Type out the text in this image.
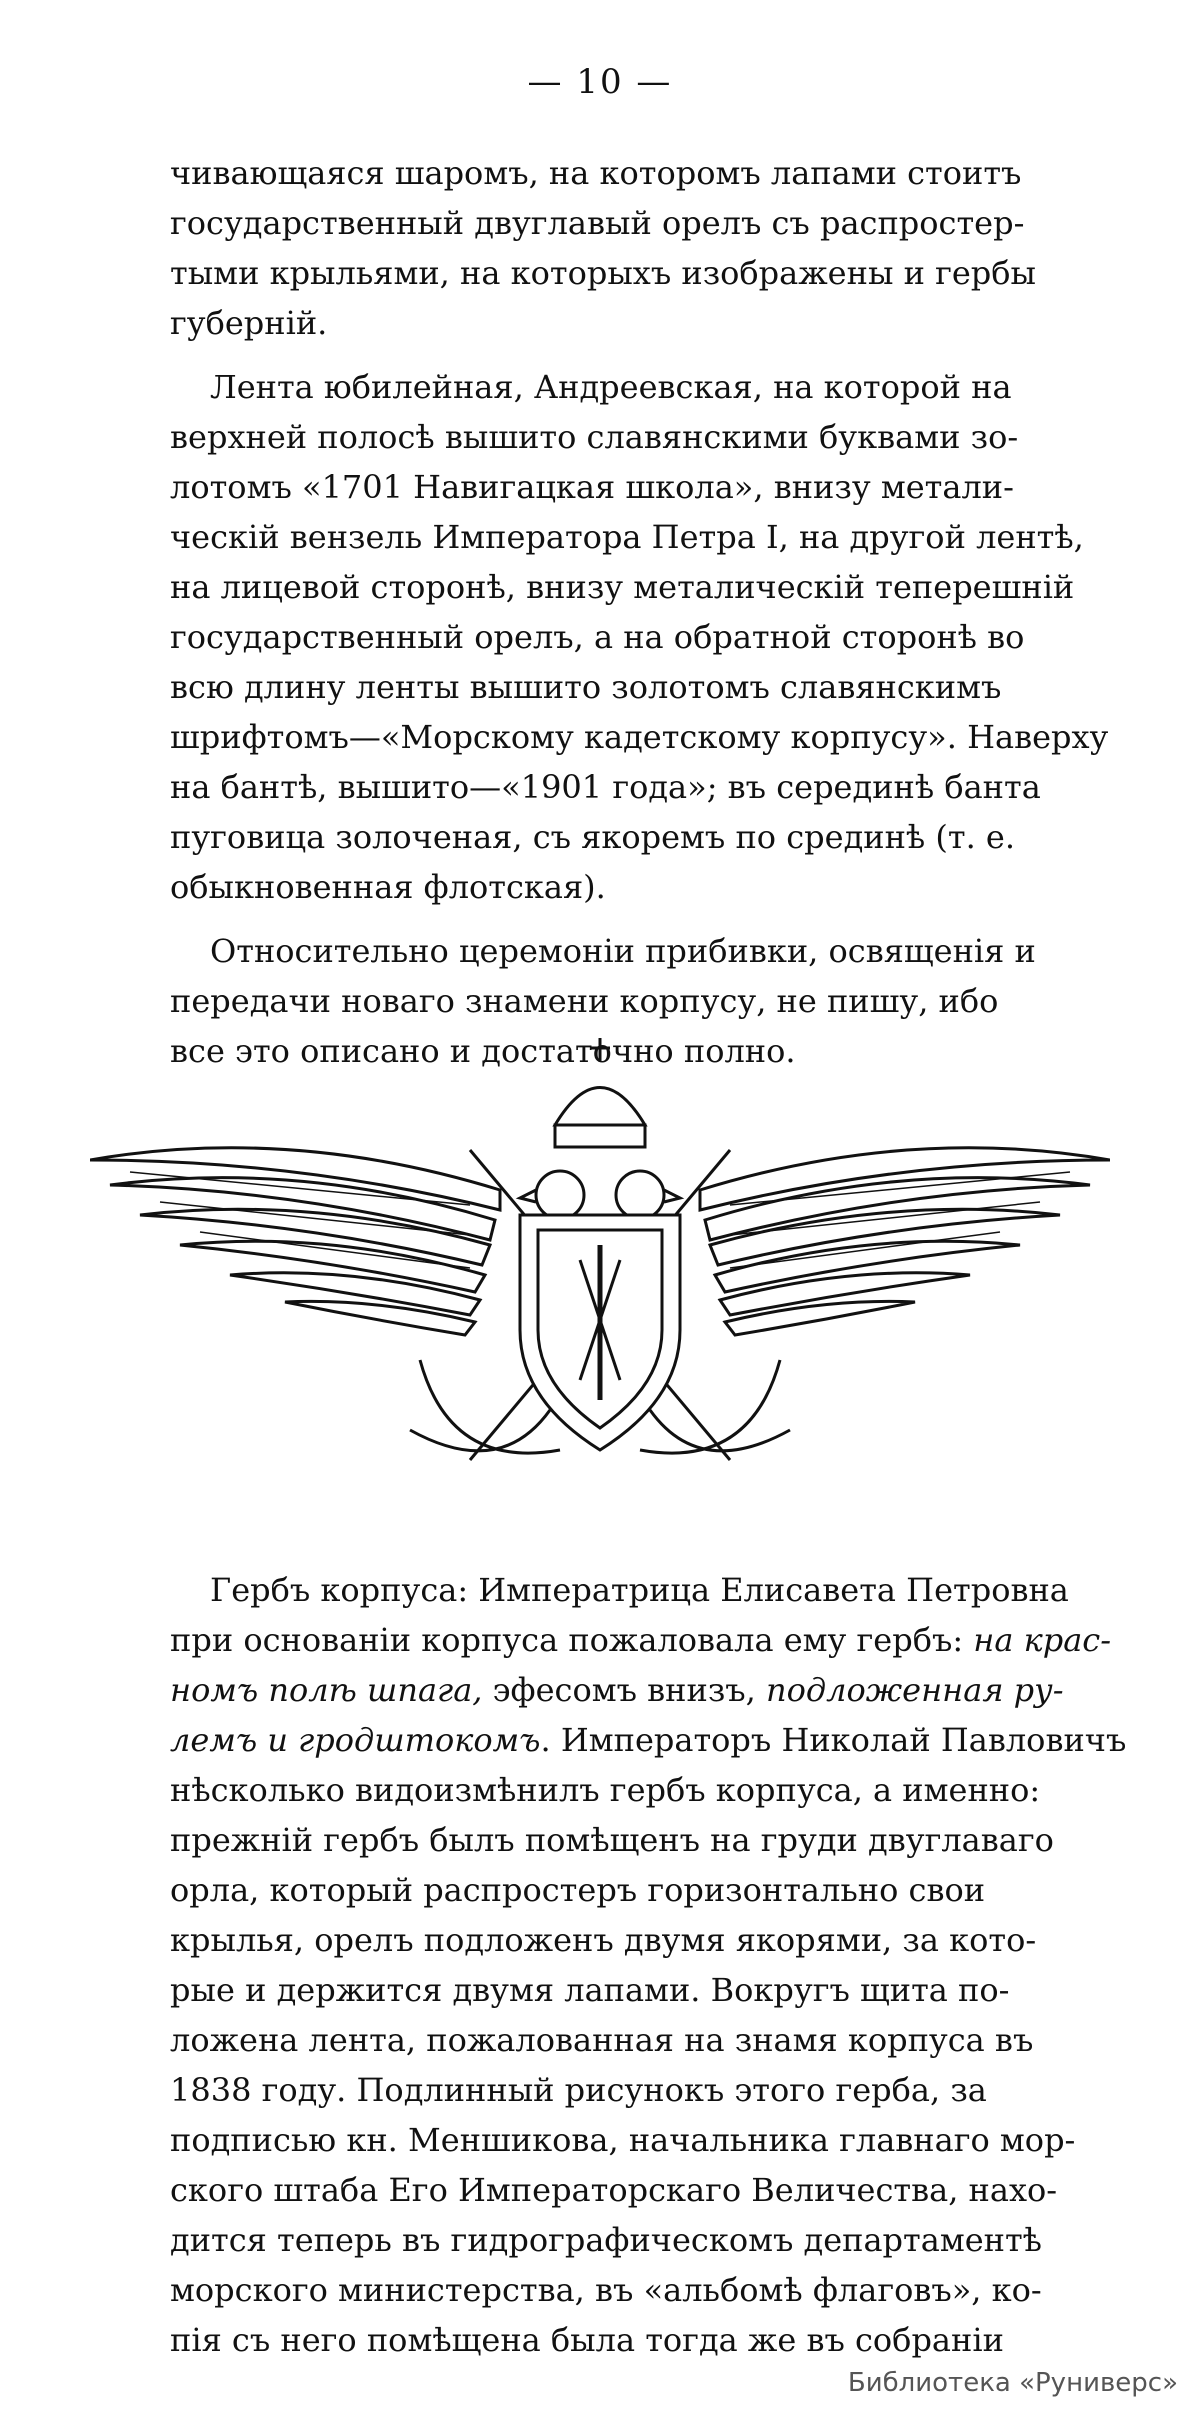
— 10 —

чивающаяся шаромъ, на которомъ лапами стоитъ
государственный двуглавый орелъ съ распростер-
тыми крыльями, на которыхъ изображены и гербы
губерній.

Лента юбилейная, Андреевская, на которой на
верхней полосѣ вышито славянскими буквами зо-
лотомъ «1701 Навигацкая школа», внизу метали-
ческій вензель Императора Петра I, на другой лентѣ,
на лицевой сторонѣ, внизу металическій теперешній
государственный орелъ, а на обратной сторонѣ во
всю длину ленты вышито золотомъ славянскимъ
шрифтомъ—«Морскому кадетскому корпусу». Наверху
на бантѣ, вышито—«1901 года»; въ серединѣ банта
пуговица золоченая, съ якоремъ по срединѣ (т. е.
обыкновенная флотская).

Относительно церемоніи прибивки, освященія и
передачи новаго знамени корпусу, не пишу, ибо
все это описано и достаточно полно.

Гербъ корпуса: Императрица Елисавета Петровна
при основаніи корпуса пожаловала ему гербъ: на крас-
номъ полѣ шпага, эфесомъ внизъ, подложенная ру-
лемъ и гродштокомъ. Императоръ Николай Павловичъ
нѣсколько видоизмѣнилъ гербъ корпуса, а именно:
прежній гербъ былъ помѣщенъ на груди двуглаваго
орла, который распростеръ горизонтально свои
крылья, орелъ подложенъ двумя якорями, за кото-
рые и держится двумя лапами. Вокругъ щита по-
ложена лента, пожалованная на знамя корпуса въ
1838 году. Подлинный рисунокъ этого герба, за
подписью кн. Меншикова, начальника главнаго мор-
ского штаба Его Императорскаго Величества, нахо-
дится теперь въ гидрографическомъ департаментѣ
морского министерства, въ «альбомѣ флаговъ», ко-
пія съ него помѣщена была тогда же въ собраніи

Библиотека «Руниверс»
